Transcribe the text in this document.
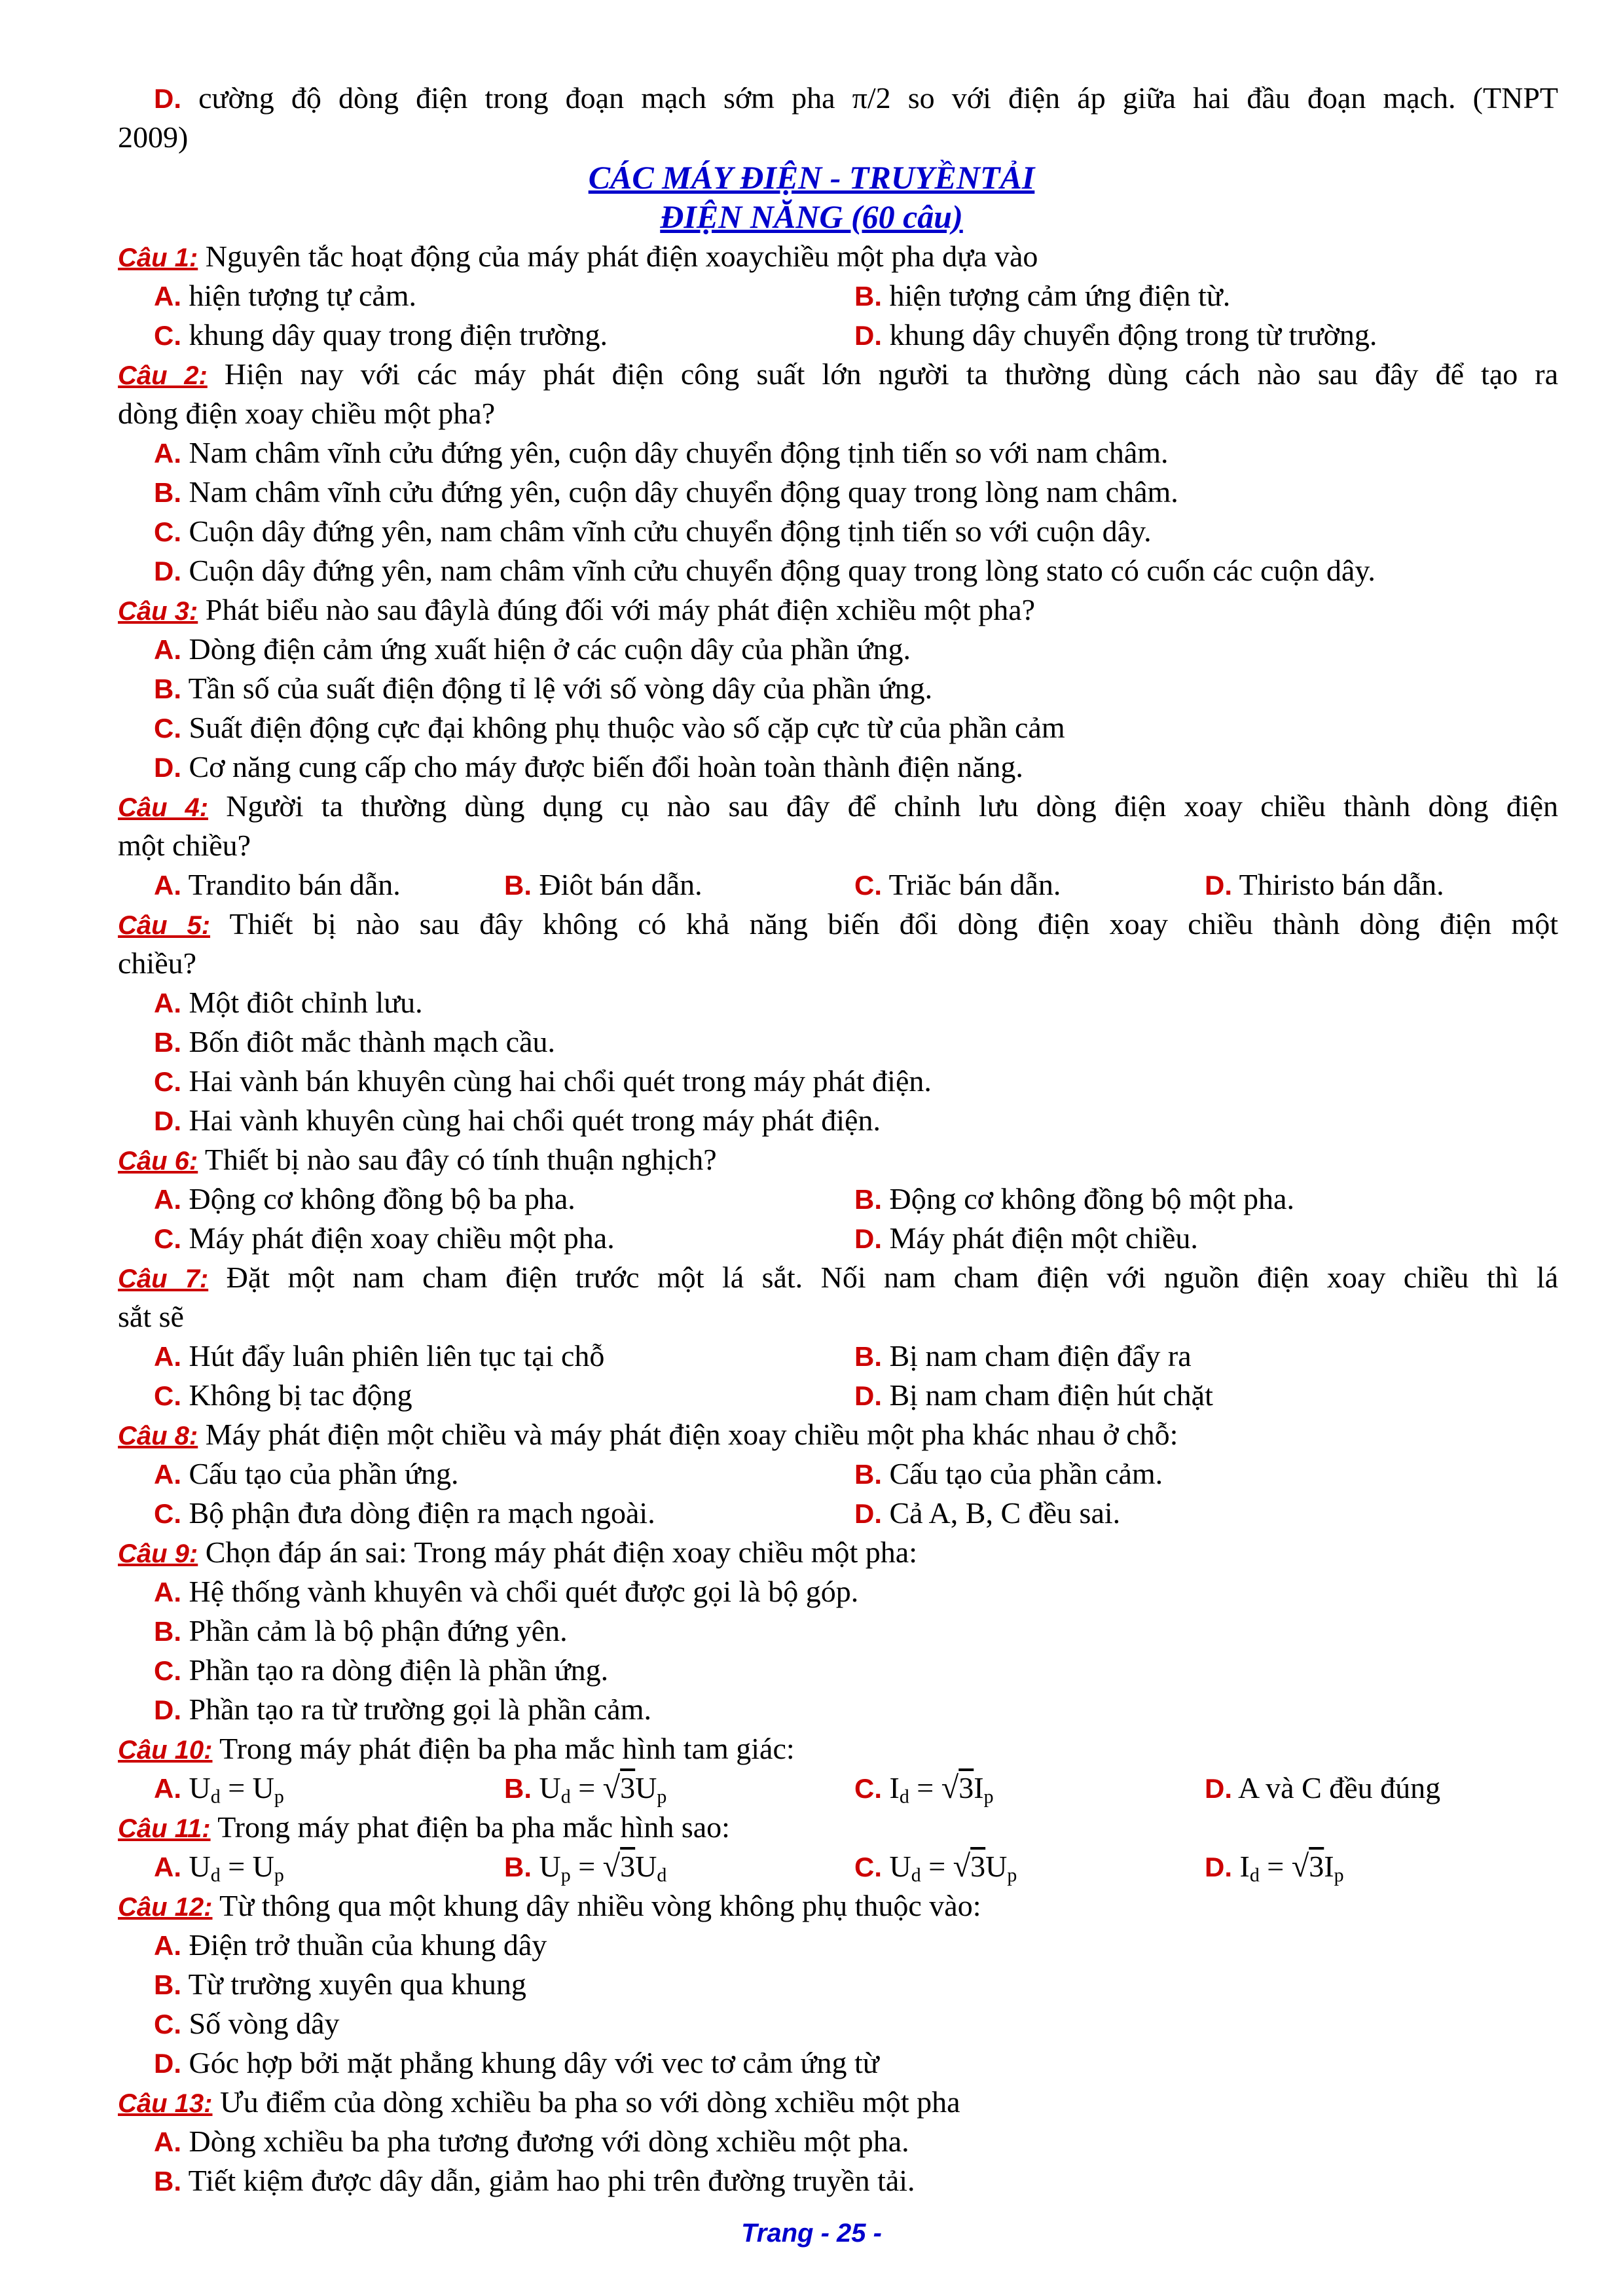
D. cường độ dòng điện trong đoạn mạch sớm pha π/2 so với điện áp giữa hai đầu đoạn mạch. (TNPT
2009)
CÁC MÁY ĐIỆN - TRUYỀNTẢI
ĐIỆN NĂNG (60 câu)
Câu 1: Nguyên tắc hoạt động của máy phát điện xoaychiều một pha dựa vào
A. hiện tượng tự cảm.	B. hiện tượng cảm ứng điện từ.
C. khung dây quay trong điện trường.	D. khung dây chuyển động trong từ trường.
Câu 2: Hiện nay với các máy phát điện công suất lớn người ta thường dùng cách nào sau đây để tạo ra
dòng điện xoay chiều một pha?
A. Nam châm vĩnh cửu đứng yên, cuộn dây chuyển động tịnh tiến so với nam châm.
B. Nam châm vĩnh cửu đứng yên, cuộn dây chuyển động quay trong lòng nam châm.
C. Cuộn dây đứng yên, nam châm vĩnh cửu chuyển động tịnh tiến so với cuộn dây.
D. Cuộn dây đứng yên, nam châm vĩnh cửu chuyển động quay trong lòng stato có cuốn các cuộn dây.
Câu 3: Phát biểu nào sau đâylà đúng đối với máy phát điện xchiều một pha?
A. Dòng điện cảm ứng xuất hiện ở các cuộn dây của phần ứng.
B. Tần số của suất điện động tỉ lệ với số vòng dây của phần ứng.
C. Suất điện động cực đại không phụ thuộc vào số cặp cực từ của phần cảm
D. Cơ năng cung cấp cho máy được biến đổi hoàn toàn thành điện năng.
Câu 4: Người ta thường dùng dụng cụ nào sau đây để chỉnh lưu dòng điện xoay chiều thành dòng điện
một chiều?
A. Trandito bán dẫn.	B. Điôt bán dẫn.	C. Triăc bán dẫn.	D. Thiristo bán dẫn.
Câu 5: Thiết bị nào sau đây không có khả năng biến đổi dòng điện xoay chiều thành dòng điện một
chiều?
A. Một điôt chỉnh lưu.
B. Bốn điôt mắc thành mạch cầu.
C. Hai vành bán khuyên cùng hai chổi quét trong máy phát điện.
D. Hai vành khuyên cùng hai chổi quét trong máy phát điện.
Câu 6: Thiết bị nào sau đây có tính thuận nghịch?
A. Động cơ không đồng bộ ba pha.	B. Động cơ không đồng bộ một pha.
C. Máy phát điện xoay chiều một pha.	D. Máy phát điện một chiều.
Câu 7: Đặt một nam cham điện trước một lá sắt. Nối nam cham điện với nguồn điện xoay chiều thì lá
sắt sẽ
A. Hút đẩy luân phiên liên tục tại chỗ	B. Bị nam cham điện đẩy ra
C. Không bị tac động	D. Bị nam cham điện hút chặt
Câu 8: Máy phát điện một chiều và máy phát điện xoay chiều một pha khác nhau ở chỗ:
A. Cấu tạo của phần ứng.	B. Cấu tạo của phần cảm.
C. Bộ phận đưa dòng điện ra mạch ngoài.	D. Cả A, B, C đều sai.
Câu 9: Chọn đáp án sai: Trong máy phát điện xoay chiều một pha:
A. Hệ thống vành khuyên và chổi quét được gọi là bộ góp.
B. Phần cảm là bộ phận đứng yên.
C. Phần tạo ra dòng điện là phần ứng.
D. Phần tạo ra từ trường gọi là phần cảm.
Câu 10: Trong máy phát điện ba pha mắc hình tam giác:
A. $U_d = U_p$	B. $U_d = √3U_p$	C. $I_d = √3I_p$	D. A và C đều đúng
Câu 11: Trong máy phat điện ba pha mắc hình sao:
A. $U_d = U_p$	B. $U_p = √3U_d$	C. $U_d = √3U_p$	D. $I_d = √3I_p$
Câu 12: Từ thông qua một khung dây nhiều vòng không phụ thuộc vào:
A. Điện trở thuần của khung dây
B. Từ trường xuyên qua khung
C. Số vòng dây
D. Góc hợp bởi mặt phẳng khung dây với vec tơ cảm ứng từ
Câu 13: Ưu điểm của dòng xchiều ba pha so với dòng xchiều một pha
A. Dòng xchiều ba pha tương đương với dòng xchiều một pha.
B. Tiết kiệm được dây dẫn, giảm hao phi trên đường truyền tải.
Trang - 25 -
